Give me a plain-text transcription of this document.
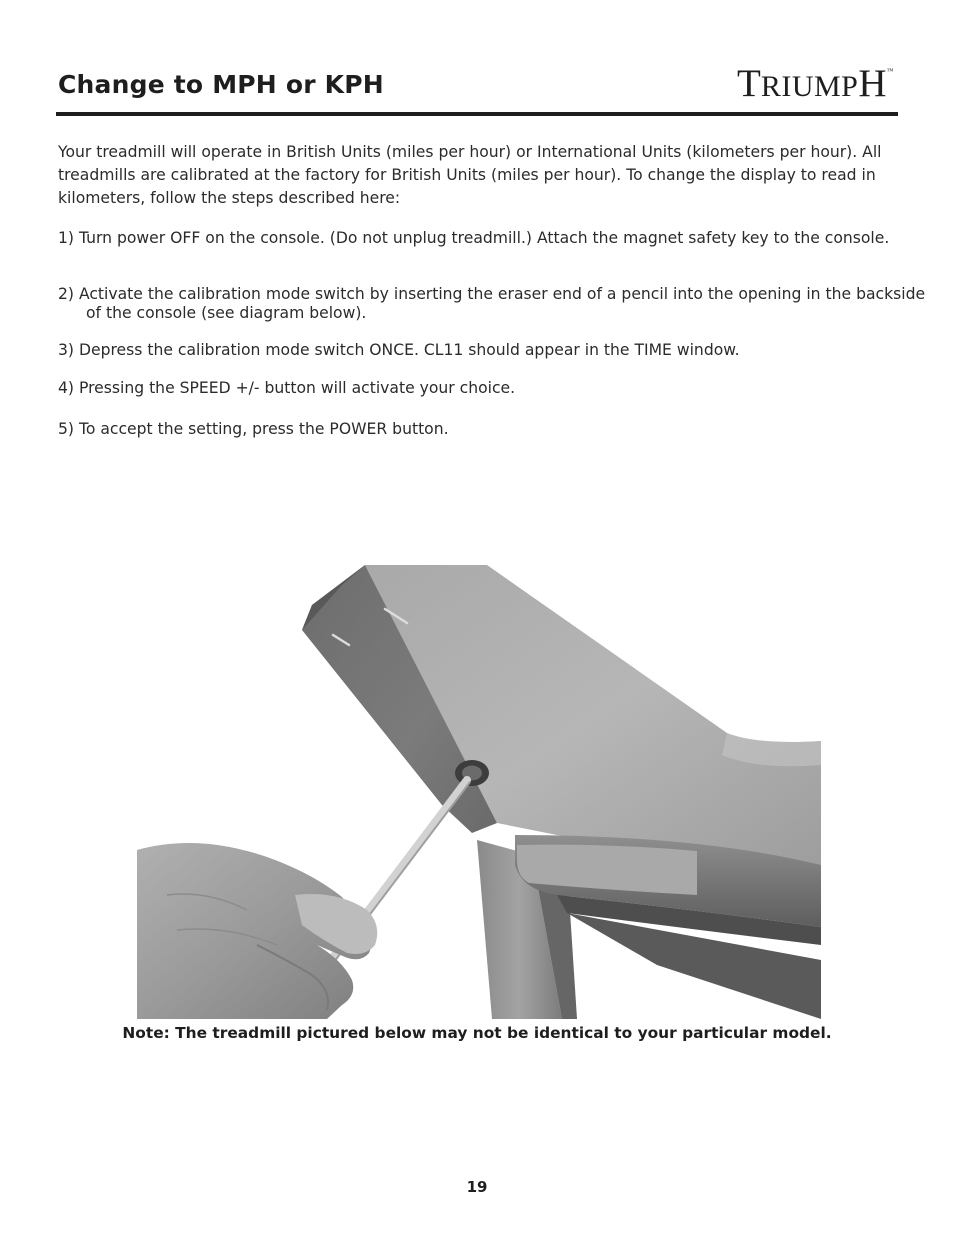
Change to MPH or KPH	TRIUMPH™

Your treadmill will operate in British Units (miles per hour) or International Units (kilometers per hour). All treadmills are calibrated at the factory for British Units (miles per hour). To change the display to read in kilometers, follow the steps described here:

1) Turn power OFF on the console. (Do not unplug treadmill.) Attach the magnet safety key to the console.

2) Activate the calibration mode switch by inserting the eraser end of a pencil into the opening in the backside of the console (see diagram below).

3) Depress the calibration mode switch ONCE. CL11 should appear in the TIME window.

4) Pressing the SPEED +/- button will activate your choice.

5) To accept the setting, press the POWER button.

Note: The treadmill pictured below may not be identical to your particular model.

19
